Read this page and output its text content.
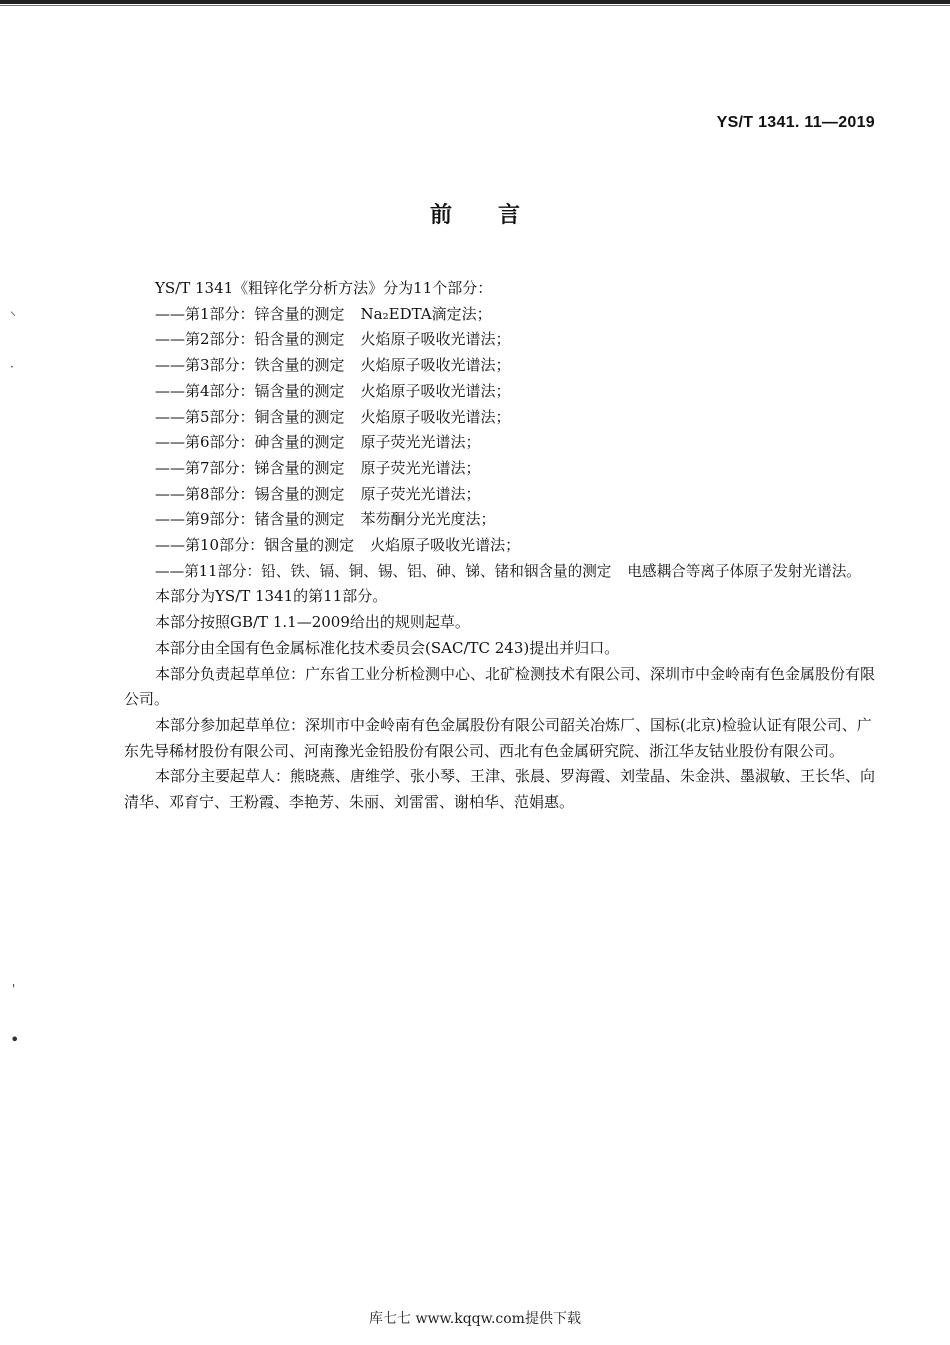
YS/T 1341. 11—2019
前言
⸌
·
'
•

YS/T 1341《粗锌化学分析方法》分为11个部分：

——第1部分：锌含量的测定 Na₂EDTA滴定法；

——第2部分：铅含量的测定 火焰原子吸收光谱法；

——第3部分：铁含量的测定 火焰原子吸收光谱法；

——第4部分：镉含量的测定 火焰原子吸收光谱法；

——第5部分：铜含量的测定 火焰原子吸收光谱法；

——第6部分：砷含量的测定 原子荧光光谱法；

——第7部分：锑含量的测定 原子荧光光谱法；

——第8部分：锡含量的测定 原子荧光光谱法；

——第9部分：锗含量的测定 苯芴酮分光光度法；

——第10部分：铟含量的测定 火焰原子吸收光谱法；

——第11部分：铅、铁、镉、铜、锡、铝、砷、锑、锗和铟含量的测定 电感耦合等离子体原子发射光谱法。

本部分为YS/T 1341的第11部分。

本部分按照GB/T 1.1—2009给出的规则起草。

本部分由全国有色金属标准化技术委员会(SAC/TC 243)提出并归口。

本部分负责起草单位：广东省工业分析检测中心、北矿检测技术有限公司、深圳市中金岭南有色金属股份有限公司。

本部分参加起草单位：深圳市中金岭南有色金属股份有限公司韶关冶炼厂、国标(北京)检验认证有限公司、广东先导稀材股份有限公司、河南豫光金铅股份有限公司、西北有色金属研究院、浙江华友钴业股份有限公司。

本部分主要起草人：熊晓燕、唐维学、张小琴、王津、张晨、罗海霞、刘莹晶、朱金洪、墨淑敏、王长华、向清华、邓育宁、王粉霞、李艳芳、朱丽、刘雷雷、谢柏华、范娟惠。

库七七 www.kqqw.com提供下载
